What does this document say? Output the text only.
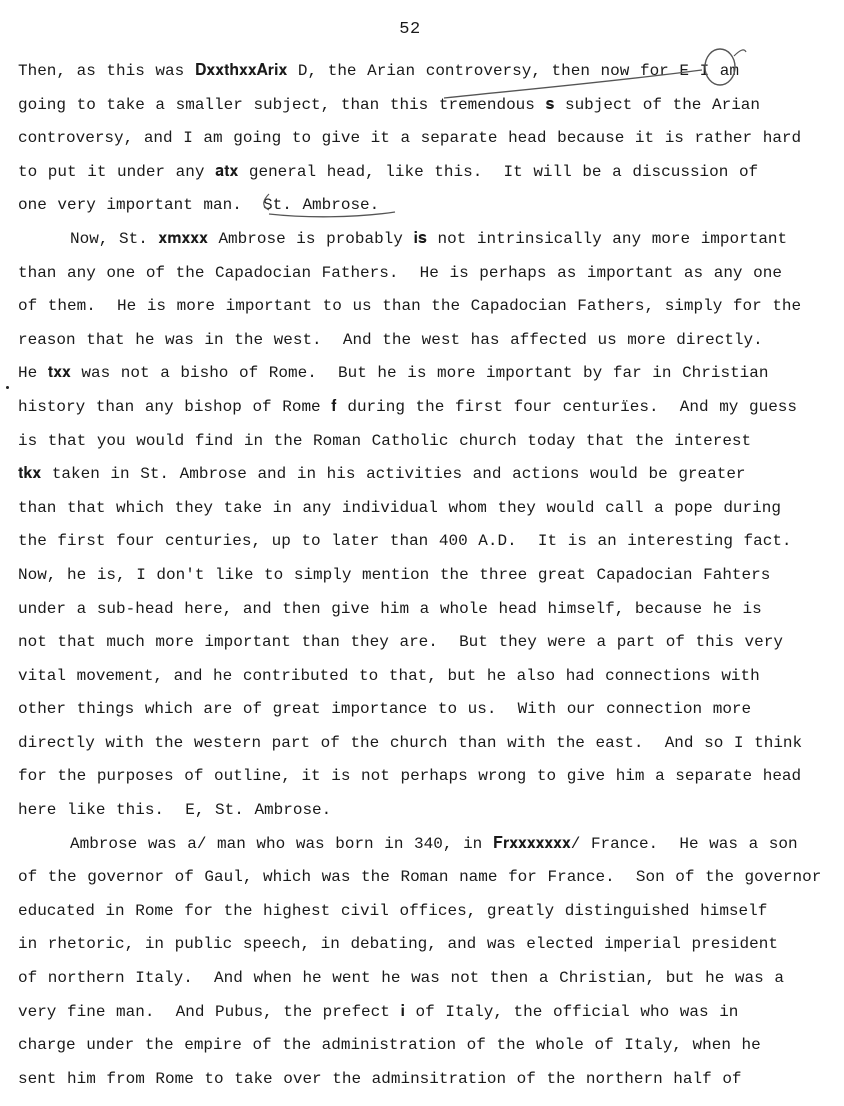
52
Then, as this was 𝐃𝐱𝐱𝐭𝐡𝐱𝐱𝐀𝐫𝐢𝐱 D, the Arian controversy, then now for E I am
going to take a smaller subject, than this tremendous 𝐬 subject of the Arian
controversy, and I am going to give it a separate head because it is rather hard
to put it under any 𝐚𝐭𝐱 general head, like this.  It will be a discussion of
one very important man.  St. Ambrose.
Now, St. 𝐱𝐦𝐱𝐱𝐱 Ambrose is probably 𝐢𝐬 not intrinsically any more important
than any one of the Capadocian Fathers.  He is perhaps as important as any one
of them.  He is more important to us than the Capadocian Fathers, simply for the
reason that he was in the west.  And the west has affected us more directly.
He 𝐭𝐱𝐱 was not a bisho of Rome.  But he is more important by far in Christian
history than any bishop of Rome 𝐟 during the first four centurïes.  And my guess
is that you would find in the Roman Catholic church today that the interest
𝐭𝐤𝐱 taken in St. Ambrose and in his activities and actions would be greater
than that which they take in any individual whom they would call a pope during
the first four centuries, up to later than 400 A.D.  It is an interesting fact.
Now, he is, I don't like to simply mention the three great Capadocian Fahters
under a sub-head here, and then give him a whole head himself, because he is
not that much more important than they are.  But they were a part of this very
vital movement, and he contributed to that, but he also had connections with
other things which are of great importance to us.  With our connection more
directly with the western part of the church than with the east.  And so I think
for the purposes of outline, it is not perhaps wrong to give him a separate head
here like this.  E, St. Ambrose.
Ambrose was a/ man who was born in 340, in 𝐅𝐫𝐱𝐱𝐱𝐱𝐱𝐱𝐱/ France.  He was a son
of the governor of Gaul, which was the Roman name for France.  Son of the governor
educated in Rome for the highest civil offices, greatly distinguished himself
in rhetoric, in public speech, in debating, and was elected imperial president
of northern Italy.  And when he went he was not then a Christian, but he was a
very fine man.  And Pubus, the prefect 𝐢 of Italy, the official who was in
charge under the empire of the administration of the whole of Italy, when he
sent him from Rome to take over the adminsitration of the northern half of
